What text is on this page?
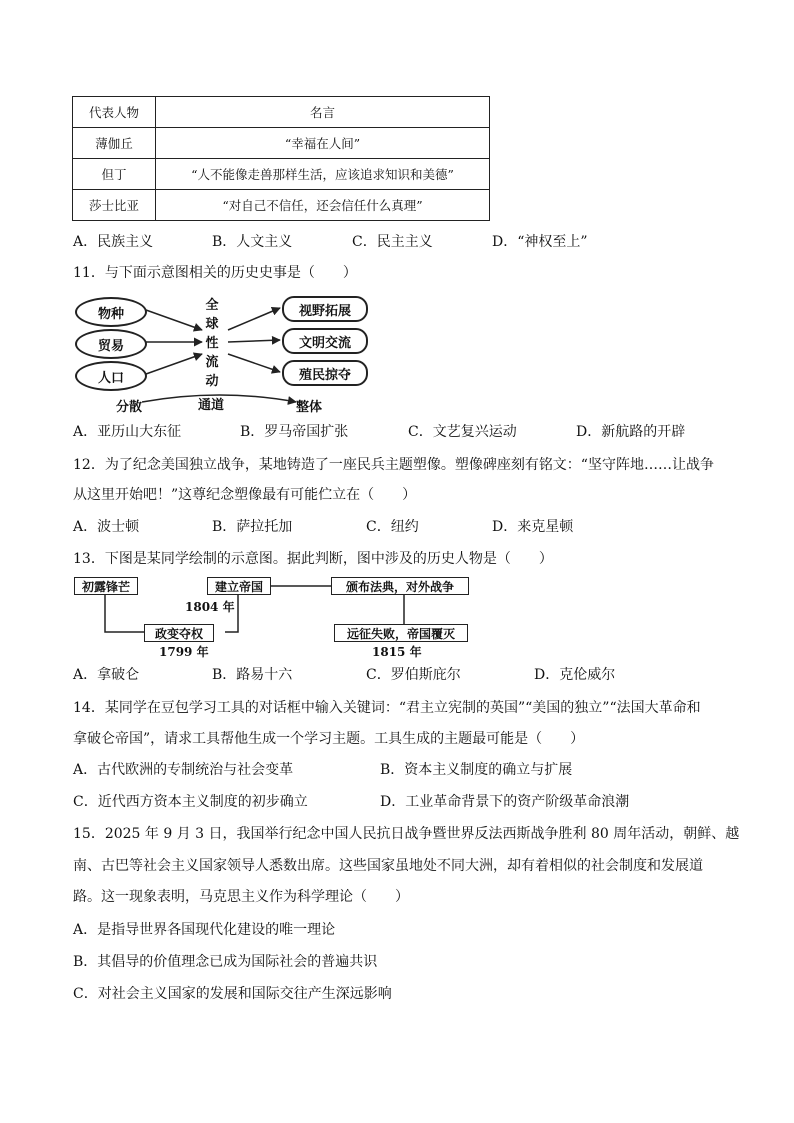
代表人物	名言
薄伽丘	“幸福在人间”
但丁	“人不能像走兽那样生活，应该追求知识和美德”
莎士比亚	“对自己不信任，还会信任什么真理”
A．民族主义	B．人文主义	C．民主主义	D．“神权至上”
11．与下面示意图相关的历史史事是（　　）
物种
贸易
人口
全球性流动
视野拓展
文明交流
殖民掠夺
分散	通道	整体
A．亚历山大东征	B．罗马帝国扩张	C．文艺复兴运动	D．新航路的开辟
12．为了纪念美国独立战争，某地铸造了一座民兵主题塑像。塑像碑座刻有铭文：“坚守阵地……让战争
从这里开始吧！”这尊纪念塑像最有可能伫立在（　　）
A．波士顿	B．萨拉托加	C．纽约	D．来克星顿
13．下图是某同学绘制的示意图。据此判断，图中涉及的历史人物是（　　）
初露锋芒
政变夺权
建立帝国	颁布法典，对外战争
远征失败，帝国覆灭
1799 年
1804 年
1815 年
A．拿破仑	B．路易十六	C．罗伯斯庇尔	D．克伦威尔
14．某同学在豆包学习工具的对话框中输入关键词：“君主立宪制的英国”“美国的独立”“法国大革命和
拿破仑帝国”，请求工具帮他生成一个学习主题。工具生成的主题最可能是（　　）
A．古代欧洲的专制统治与社会变革	B．资本主义制度的确立与扩展
C．近代西方资本主义制度的初步确立	D．工业革命背景下的资产阶级革命浪潮
15．2025 年 9 月 3 日，我国举行纪念中国人民抗日战争暨世界反法西斯战争胜利 80 周年活动，朝鲜、越
南、古巴等社会主义国家领导人悉数出席。这些国家虽地处不同大洲，却有着相似的社会制度和发展道
路。这一现象表明，马克思主义作为科学理论（　　）
A．是指导世界各国现代化建设的唯一理论
B．其倡导的价值理念已成为国际社会的普遍共识
C．对社会主义国家的发展和国际交往产生深远影响
